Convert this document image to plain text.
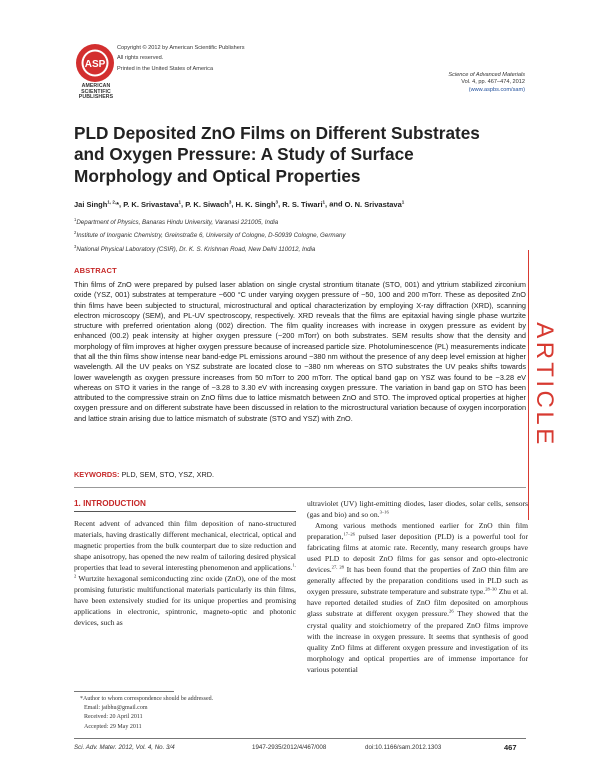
ASP
AMERICAN
SCIENTIFIC
PUBLISHERS
Copyright © 2012 by American Scientific Publishers
All rights reserved.
Printed in the United States of America
Science of Advanced Materials
Vol. 4, pp. 467–474, 2012
(www.aspbs.com/sam)
PLD Deposited ZnO Films on Different Substrates
and Oxygen Pressure: A Study of Surface
Morphology and Optical Properties
Jai Singh$^{1, 2,}$*, P. K. Srivastava$^1$, P. K. Siwach$^3$, H. K. Singh$^3$, R. S. Tiwari$^1$, and O. N. Srivastava$^1$
$^1$Department of Physics, Banaras Hindu University, Varanasi 221005, India
$^2$Institute of Inorganic Chemistry, Greinstraße 6, University of Cologne, D-50939 Cologne, Germany
$^3$National Physical Laboratory (CSIR), Dr. K. S. Krishnan Road, New Delhi 110012, India
ABSTRACT
Thin films of ZnO were prepared by pulsed laser ablation on single crystal strontium titanate (STO, 001) and yttrium stabilized zirconium oxide (YSZ, 001) substrates at temperature ~600 °C under varying oxygen pressure of ~50, 100 and 200 mTorr. These as deposited ZnO thin films have been subjected to structural, microstructural and optical characterization by employing X-ray diffraction (XRD), scanning electron microscopy (SEM), and PL-UV spectroscopy, respectively. XRD reveals that the films are epitaxial having single phase wurtzite structure with preferred orientation along (002) direction. The film quality increases with increase in oxygen pressure as evident by enhanced (00.2) peak intensity at higher oxygen pressure (~200 mTorr) on both substrates. SEM results show that the density and morphology of film improves at higher oxygen pressure because of increased particle size. Photoluminescence (PL) measurements indicate that all the thin films show intense near band-edge PL emissions around ~380 nm without the presence of any deep level emission at higher wavelength. All the UV peaks on YSZ substrate are located close to ~380 nm whereas on STO substrates the UV peaks shifts towards lower wavelength as oxygen pressure increases from 50 mTorr to 200 mTorr. The optical band gap on YSZ was found to be ~3.28 eV whereas on STO it varies in the range of ~3.28 to 3.30 eV with increasing oxygen pressure. The variation in band gap on STO has been attributed to the compressive strain on ZnO films due to lattice mismatch between ZnO and STO. The improved optical properties at higher oxygen pressure and on different substrate have been discussed in relation to the microstructural variation because of oxygen incorporation and lattice strain arising due to lattice mismatch of substrate (STO and YSZ) with ZnO.
KEYWORDS: PLD, SEM, STO, YSZ, XRD.
ARTICLE
1. INTRODUCTION
Recent advent of advanced thin film deposition of nano-structured materials, having drastically different mechanical, electrical, optical and magnetic properties from the bulk counterpart due to size reduction and shape anisotropy, has opened the new realm of tailoring desired physical properties that lead to several interesting phenomenon and applications.$^{1, 2}$ Wurtzite hexagonal semiconducting zinc oxide (ZnO), one of the most promising futuristic multifunctional materials particularly its thin films, have been extensively studied for its unique properties and promising applications in electronic, spintronic, magneto-optic and photonic devices, such as
ultraviolet (UV) light-emitting diodes, laser diodes, solar cells, sensors (gas and bio) and so on.$^{3-16}$
Among various methods mentioned earlier for ZnO thin film preparation,$^{17-26}$ pulsed laser deposition (PLD) is a powerful tool for fabricating films at atomic rate. Recently, many research groups have used PLD to deposit ZnO films for gas sensor and opto-electronic devices.$^{27, 28}$ It has been found that the properties of ZnO thin film are generally affected by the preparation conditions used in PLD such as oxygen pressure, substrate temperature and substrate type.$^{28-30}$ Zhu et al. have reported detailed studies of ZnO film deposited on amorphous glass substrate at different oxygen pressure.$^{26}$ They showed that the crystal quality and stoichiometry of the prepared ZnO films improve with the increase in oxygen pressure. It seems that synthesis of good quality ZnO films at different oxygen pressure and investigation of its morphology and optical properties are of immense importance for various potential
*Author to whom correspondence should be addressed.
Email: jaibhu@gmail.com
Received: 20 April 2011
Accepted: 29 May 2011
Sci. Adv. Mater. 2012, Vol. 4, No. 3/4	1947-2935/2012/4/467/008	doi:10.1166/sam.2012.1303	467
